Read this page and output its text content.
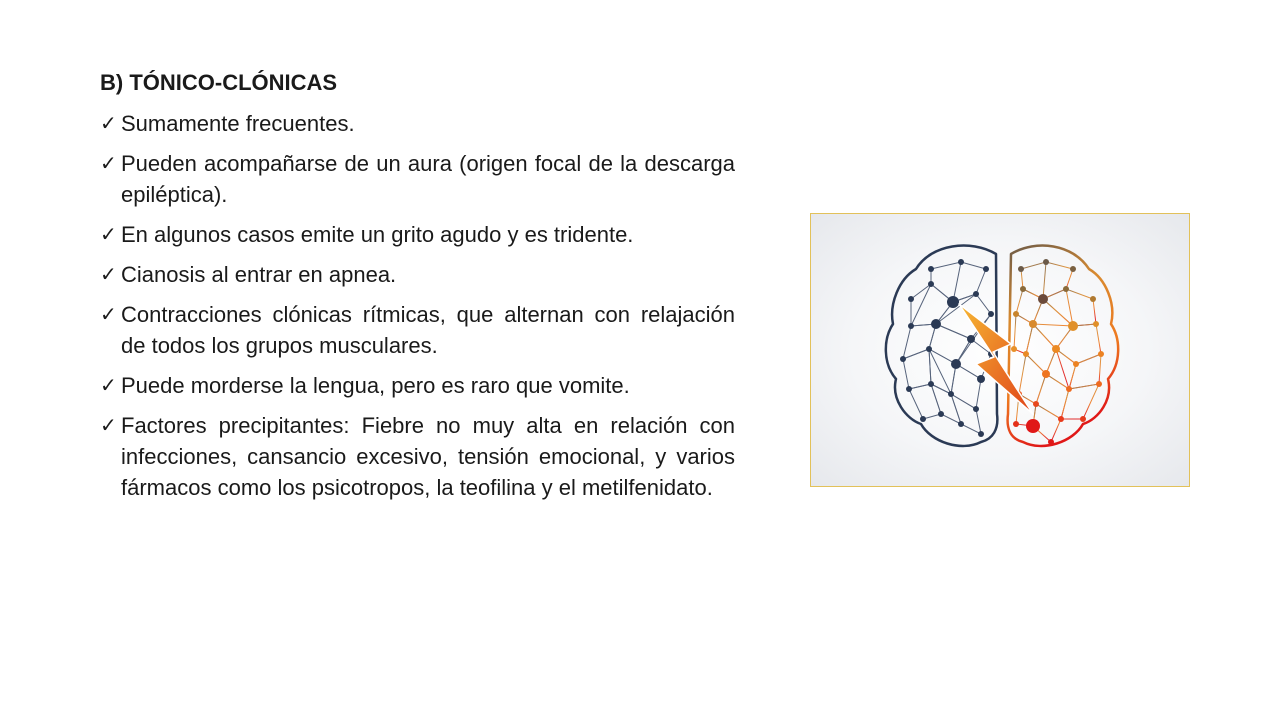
B) TÓNICO-CLÓNICAS
✓ Sumamente frecuentes.
✓ Pueden acompañarse de un aura (origen focal de la descarga epiléptica).
✓ En algunos casos emite un grito agudo y es tridente.
✓ Cianosis al entrar en apnea.
✓ Contracciones clónicas rítmicas, que alternan con relajación de todos los grupos musculares.
✓ Puede morderse la lengua, pero es raro que vomite.
✓ Factores precipitantes: Fiebre no muy alta en relación con infecciones, cansancio excesivo, tensión emocional, y varios fármacos como los psicotropos, la teofilina y el metilfenidato.
